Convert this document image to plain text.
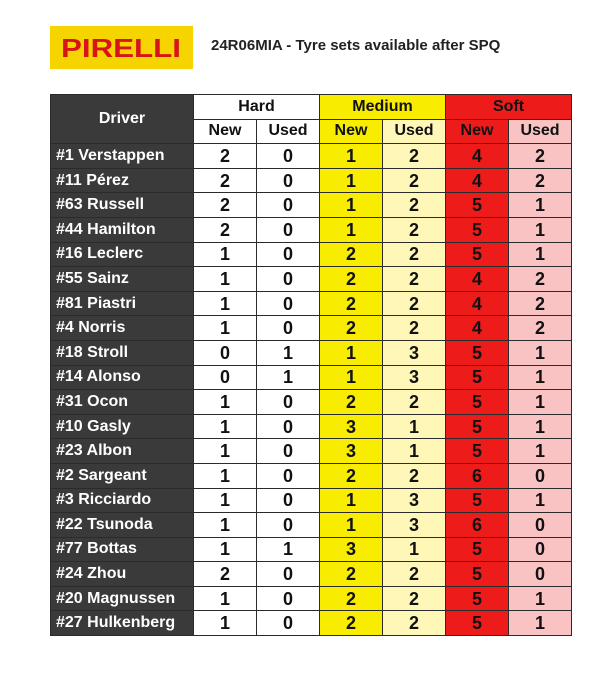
PIRELLI 24R06MIA - Tyre sets available after SPQ
Driver	Hard		Medium		Soft	
	New	Used	New	Used	New	Used
#1 Verstappen	2	0	1	2	4	2
#11 Pérez	2	0	1	2	4	2
#63 Russell	2	0	1	2	5	1
#44 Hamilton	2	0	1	2	5	1
#16 Leclerc	1	0	2	2	5	1
#55 Sainz	1	0	2	2	4	2
#81 Piastri	1	0	2	2	4	2
#4 Norris	1	0	2	2	4	2
#18 Stroll	0	1	1	3	5	1
#14 Alonso	0	1	1	3	5	1
#31 Ocon	1	0	2	2	5	1
#10 Gasly	1	0	3	1	5	1
#23 Albon	1	0	3	1	5	1
#2 Sargeant	1	0	2	2	6	0
#3 Ricciardo	1	0	1	3	5	1
#22 Tsunoda	1	0	1	3	6	0
#77 Bottas	1	1	3	1	5	0
#24 Zhou	2	0	2	2	5	0
#20 Magnussen	1	0	2	2	5	1
#27 Hulkenberg	1	0	2	2	5	1
